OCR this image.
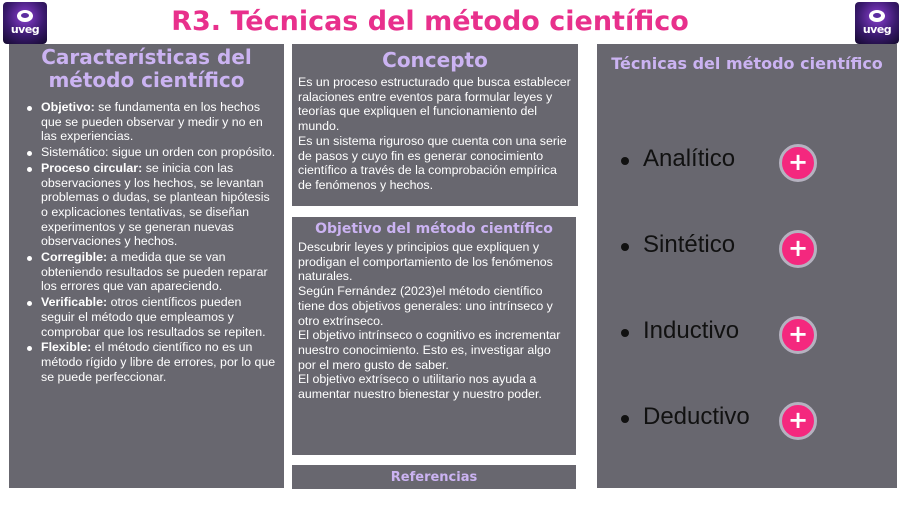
uveg	uveg
R3. Técnicas del método científico
Características del método científico
Objetivo: se fundamenta en los hechos que se pueden observar y medir y no en las experiencias.
Sistemático: sigue un orden con propósito.
Proceso circular: se inicia con las observaciones y los hechos, se levantan problemas o dudas, se plantean hipótesis o explicaciones tentativas, se diseñan experimentos y se generan nuevas observaciones y hechos.
Corregible: a medida que se van obteniendo resultados se pueden reparar los errores que van apareciendo.
Verificable: otros científicos pueden seguir el método que empleamos y comprobar que los resultados se repiten.
Flexible: el método científico no es un método rígido y libre de errores, por lo que se puede perfeccionar.
Concepto

Es un proceso estructurado que busca establecer ralaciones entre eventos para formular leyes y teorías que expliquen el funcionamiento del mundo.

Es un sistema riguroso que cuenta con una serie de pasos y cuyo fin es generar conocimiento científico a través de la comprobación empírica de fenómenos y hechos.

Objetivo del método científico

Descubrir leyes y principios que expliquen y prodigan el comportamiento de los fenómenos naturales.

Según Fernández (2023)el método científico tiene dos objetivos generales: uno intrínseco y otro extrínseco.

El objetivo intrínseco o cognitivo es incrementar nuestro conocimiento. Esto es, investigar algo por el mero gusto de saber.

El objetivo extríseco o utilitario nos ayuda a aumentar nuestro bienestar y nuestro poder.

Referencias
Técnicas del método científico
Analítico	+
Sintético	+
Inductivo	+
Deductivo	+
